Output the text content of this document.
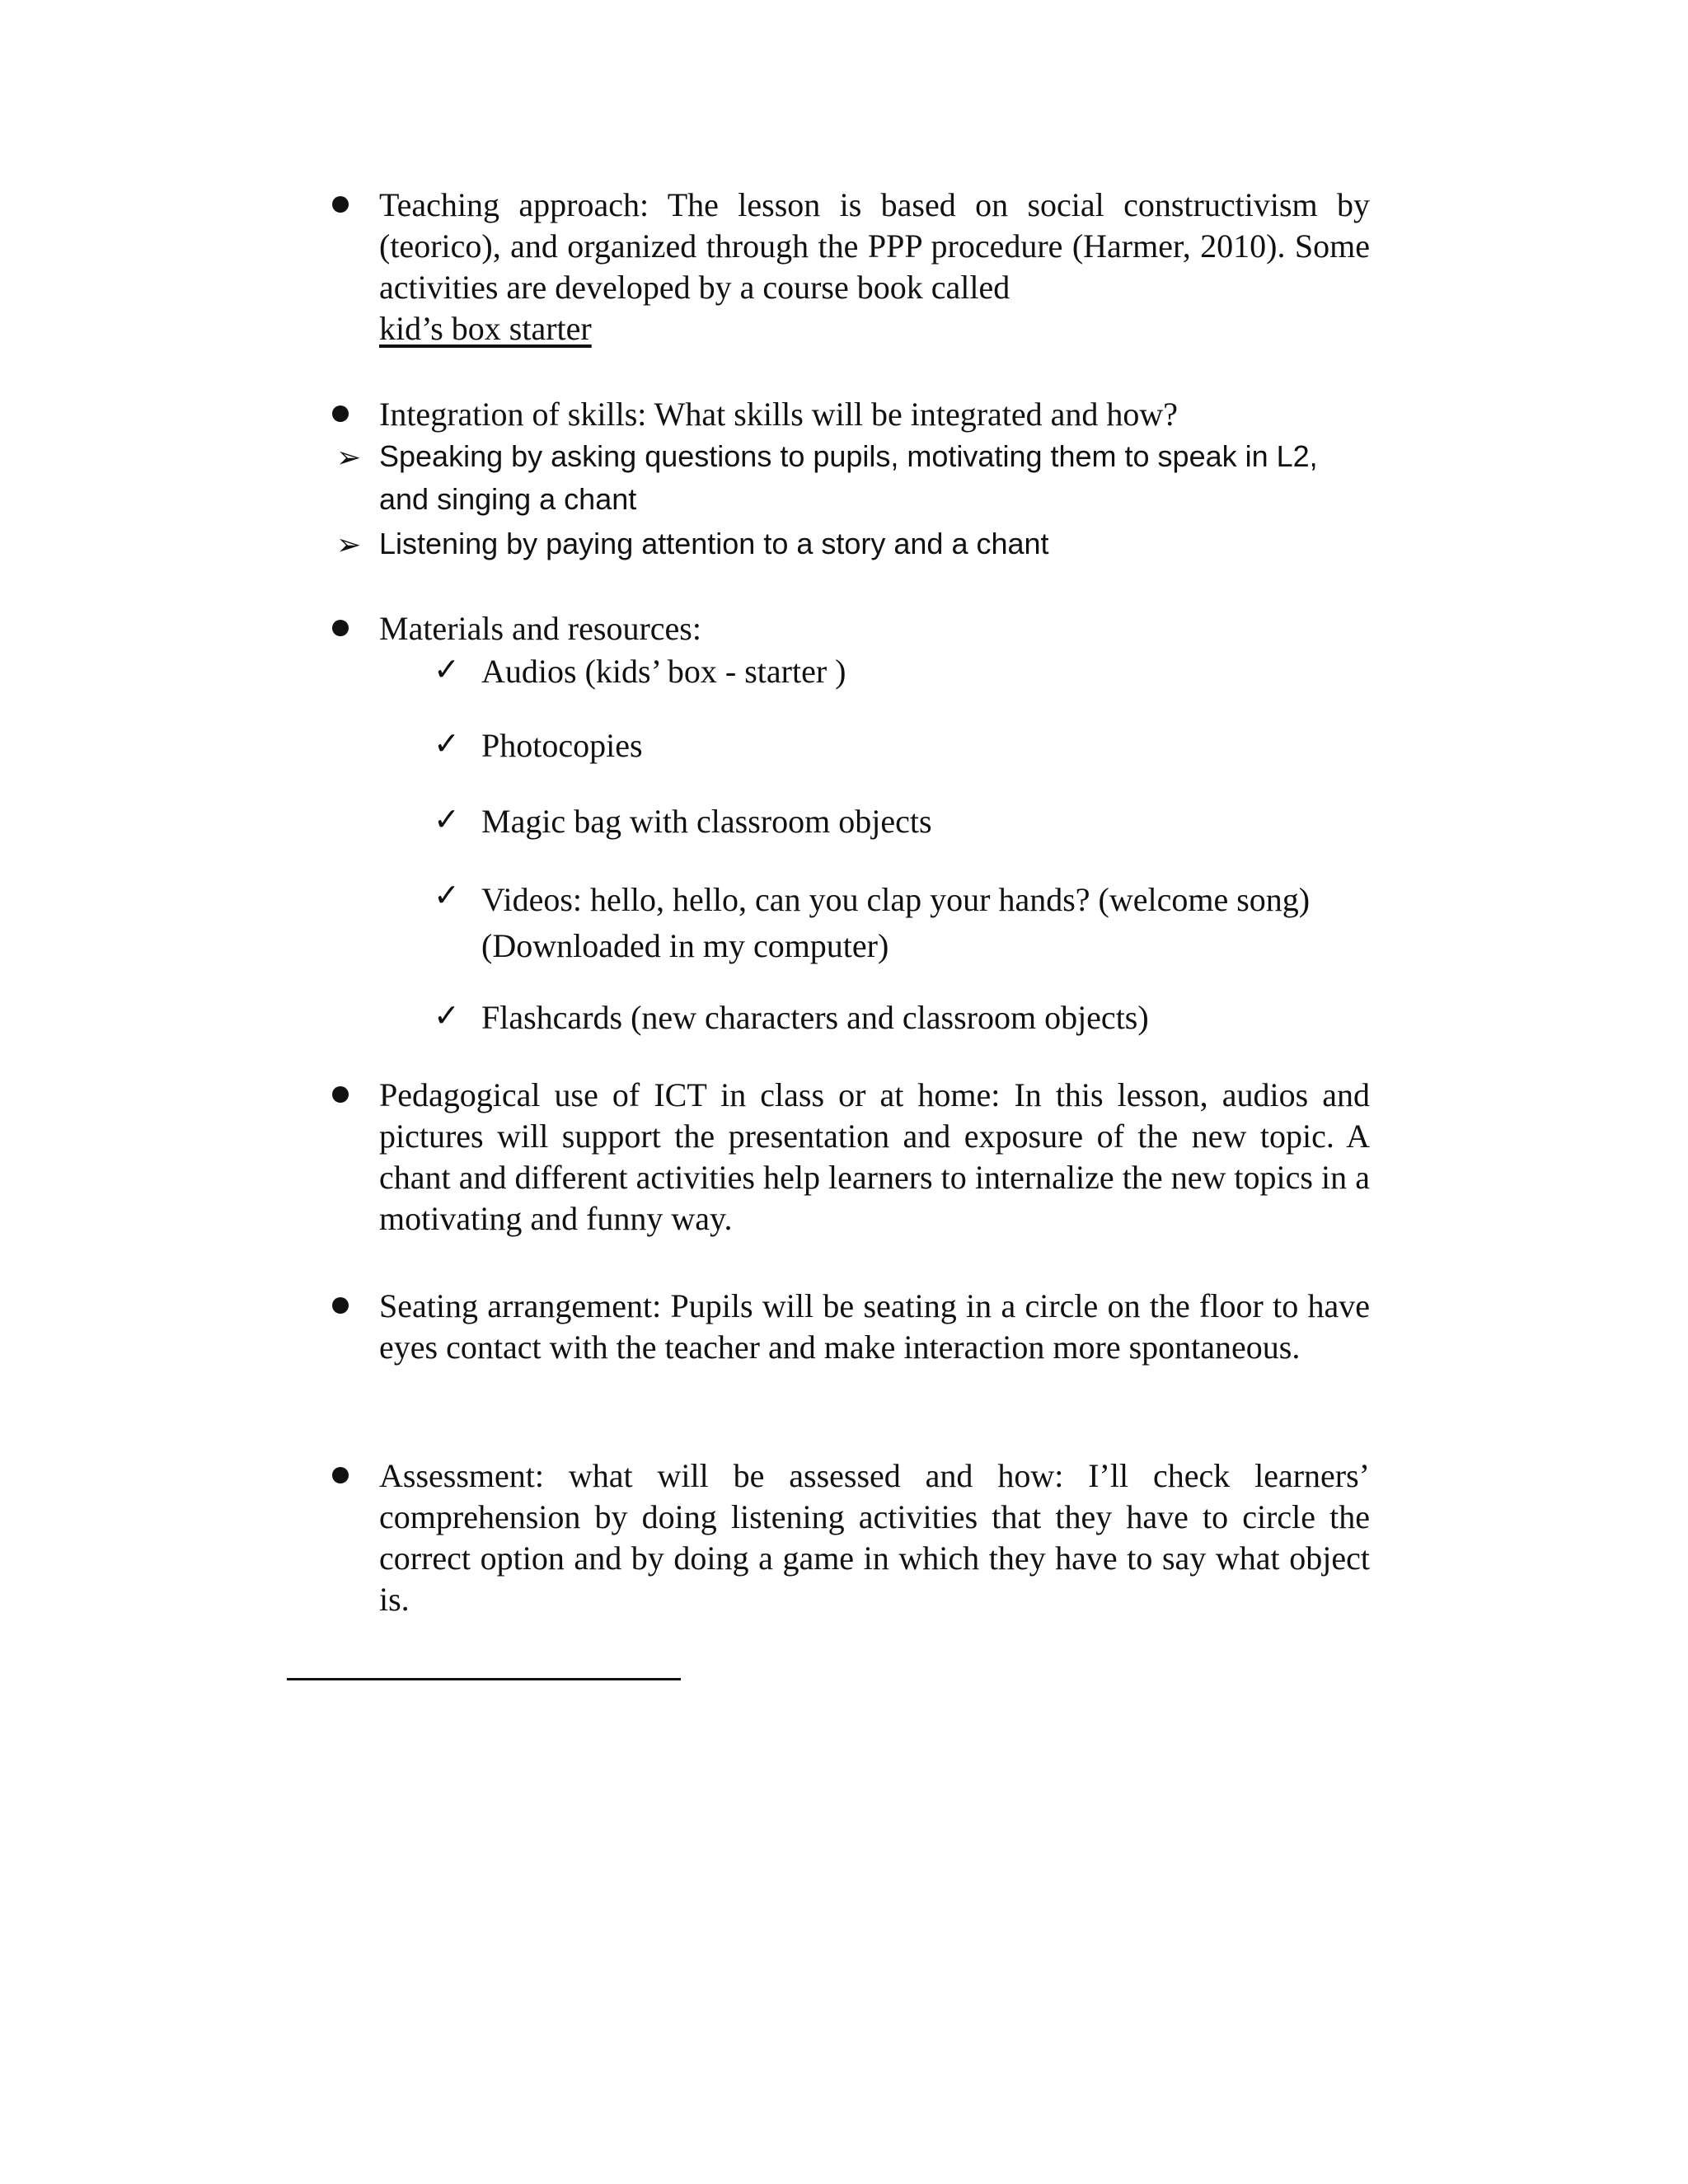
Teaching approach: The lesson is based on social constructivism by (teorico), and organized through the PPP procedure (Harmer, 2010). Some activities are developed by a course book called
kid’s box starter
Integration of skills: What skills will be integrated and how?
➢ Speaking by asking questions to pupils, motivating them to speak in L2, and singing a chant
➢ Listening by paying attention to a story and a chant
Materials and resources:
✓ Audios (kids’ box - starter )
✓ Photocopies
✓ Magic bag with classroom objects
✓ Videos: hello, hello, can you clap your hands? (welcome song) (Downloaded in my computer)
✓ Flashcards (new characters and classroom objects)
Pedagogical use of ICT in class or at home: In this lesson, audios and pictures will support the presentation and exposure of the new topic. A chant and different activities help learners to internalize the new topics in a motivating and funny way.
Seating arrangement: Pupils will be seating in a circle on the floor to have eyes contact with the teacher and make interaction more spontaneous.
Assessment: what will be assessed and how: I’ll check learners’ comprehension by doing listening activities that they have to circle the correct option and by doing a game in which they have to say what object is.
